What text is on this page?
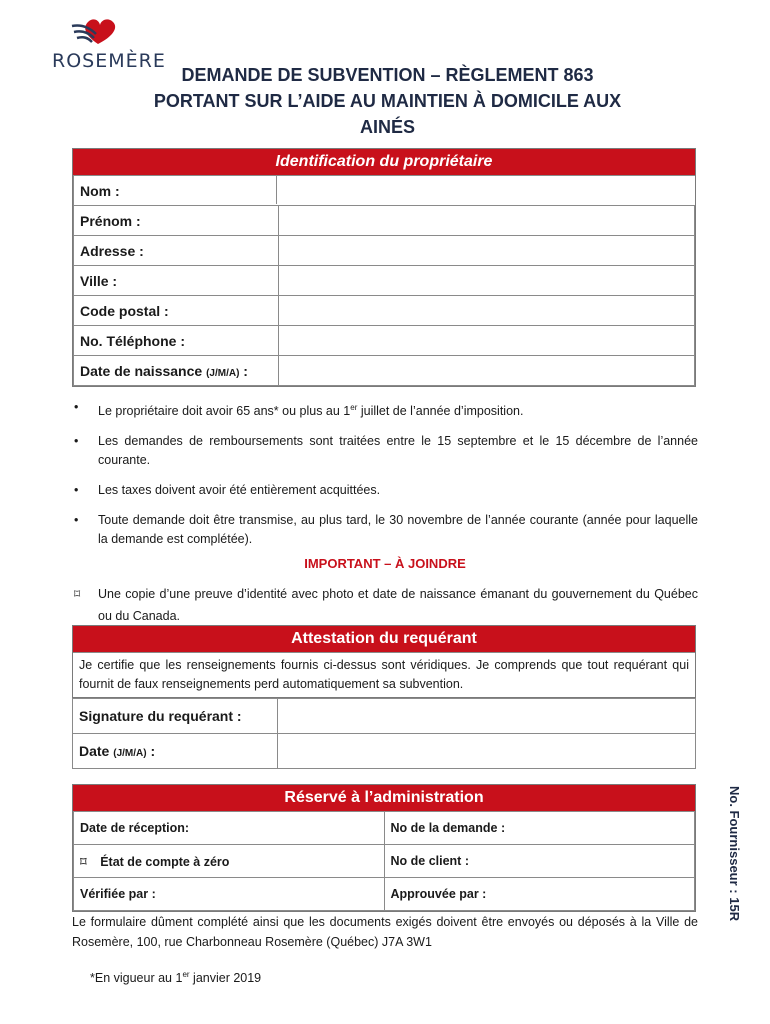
ROSEMÈRE
DEMANDE DE SUBVENTION – RÈGLEMENT 863
PORTANT SUR L’AIDE AU MAINTIEN À DOMICILE AUX
AINÉS
Identification du propriétaire
Nom :	
Prénom :	
Adresse :	
Ville :	
Code postal :	
No. Téléphone :	
Date de naissance (J/M/A) :	
• Le propriétaire doit avoir 65 ans* ou plus au 1er juillet de l’année d’imposition.
• Les demandes de remboursements sont traitées entre le 15 septembre et le 15 décembre de l’année courante.
• Les taxes doivent avoir été entièrement acquittées.
• Toute demande doit être transmise, au plus tard, le 30 novembre de l’année courante (année pour laquelle la demande est complétée).
IMPORTANT – À JOINDRE
⌑ Une copie d’une preuve d’identité avec photo et date de naissance émanant du gouvernement du Québec ou du Canada.
Attestation du requérant
Je certifie que les renseignements fournis ci-dessus sont véridiques. Je comprends que tout requérant qui fournit de faux renseignements perd automatiquement sa subvention.
Signature du requérant :	
Date (J/M/A) :	
Réservé à l’administration
Date de réception:	No de la demande :
⌑ État de compte à zéro	No de client :
Vérifiée par :	Approuvée par :
Le formulaire dûment complété ainsi que les documents exigés doivent être envoyés ou déposés à la Ville de Rosemère, 100, rue Charbonneau Rosemère (Québec) J7A 3W1
*En vigueur au 1er janvier 2019
No. Fournisseur : 15R
